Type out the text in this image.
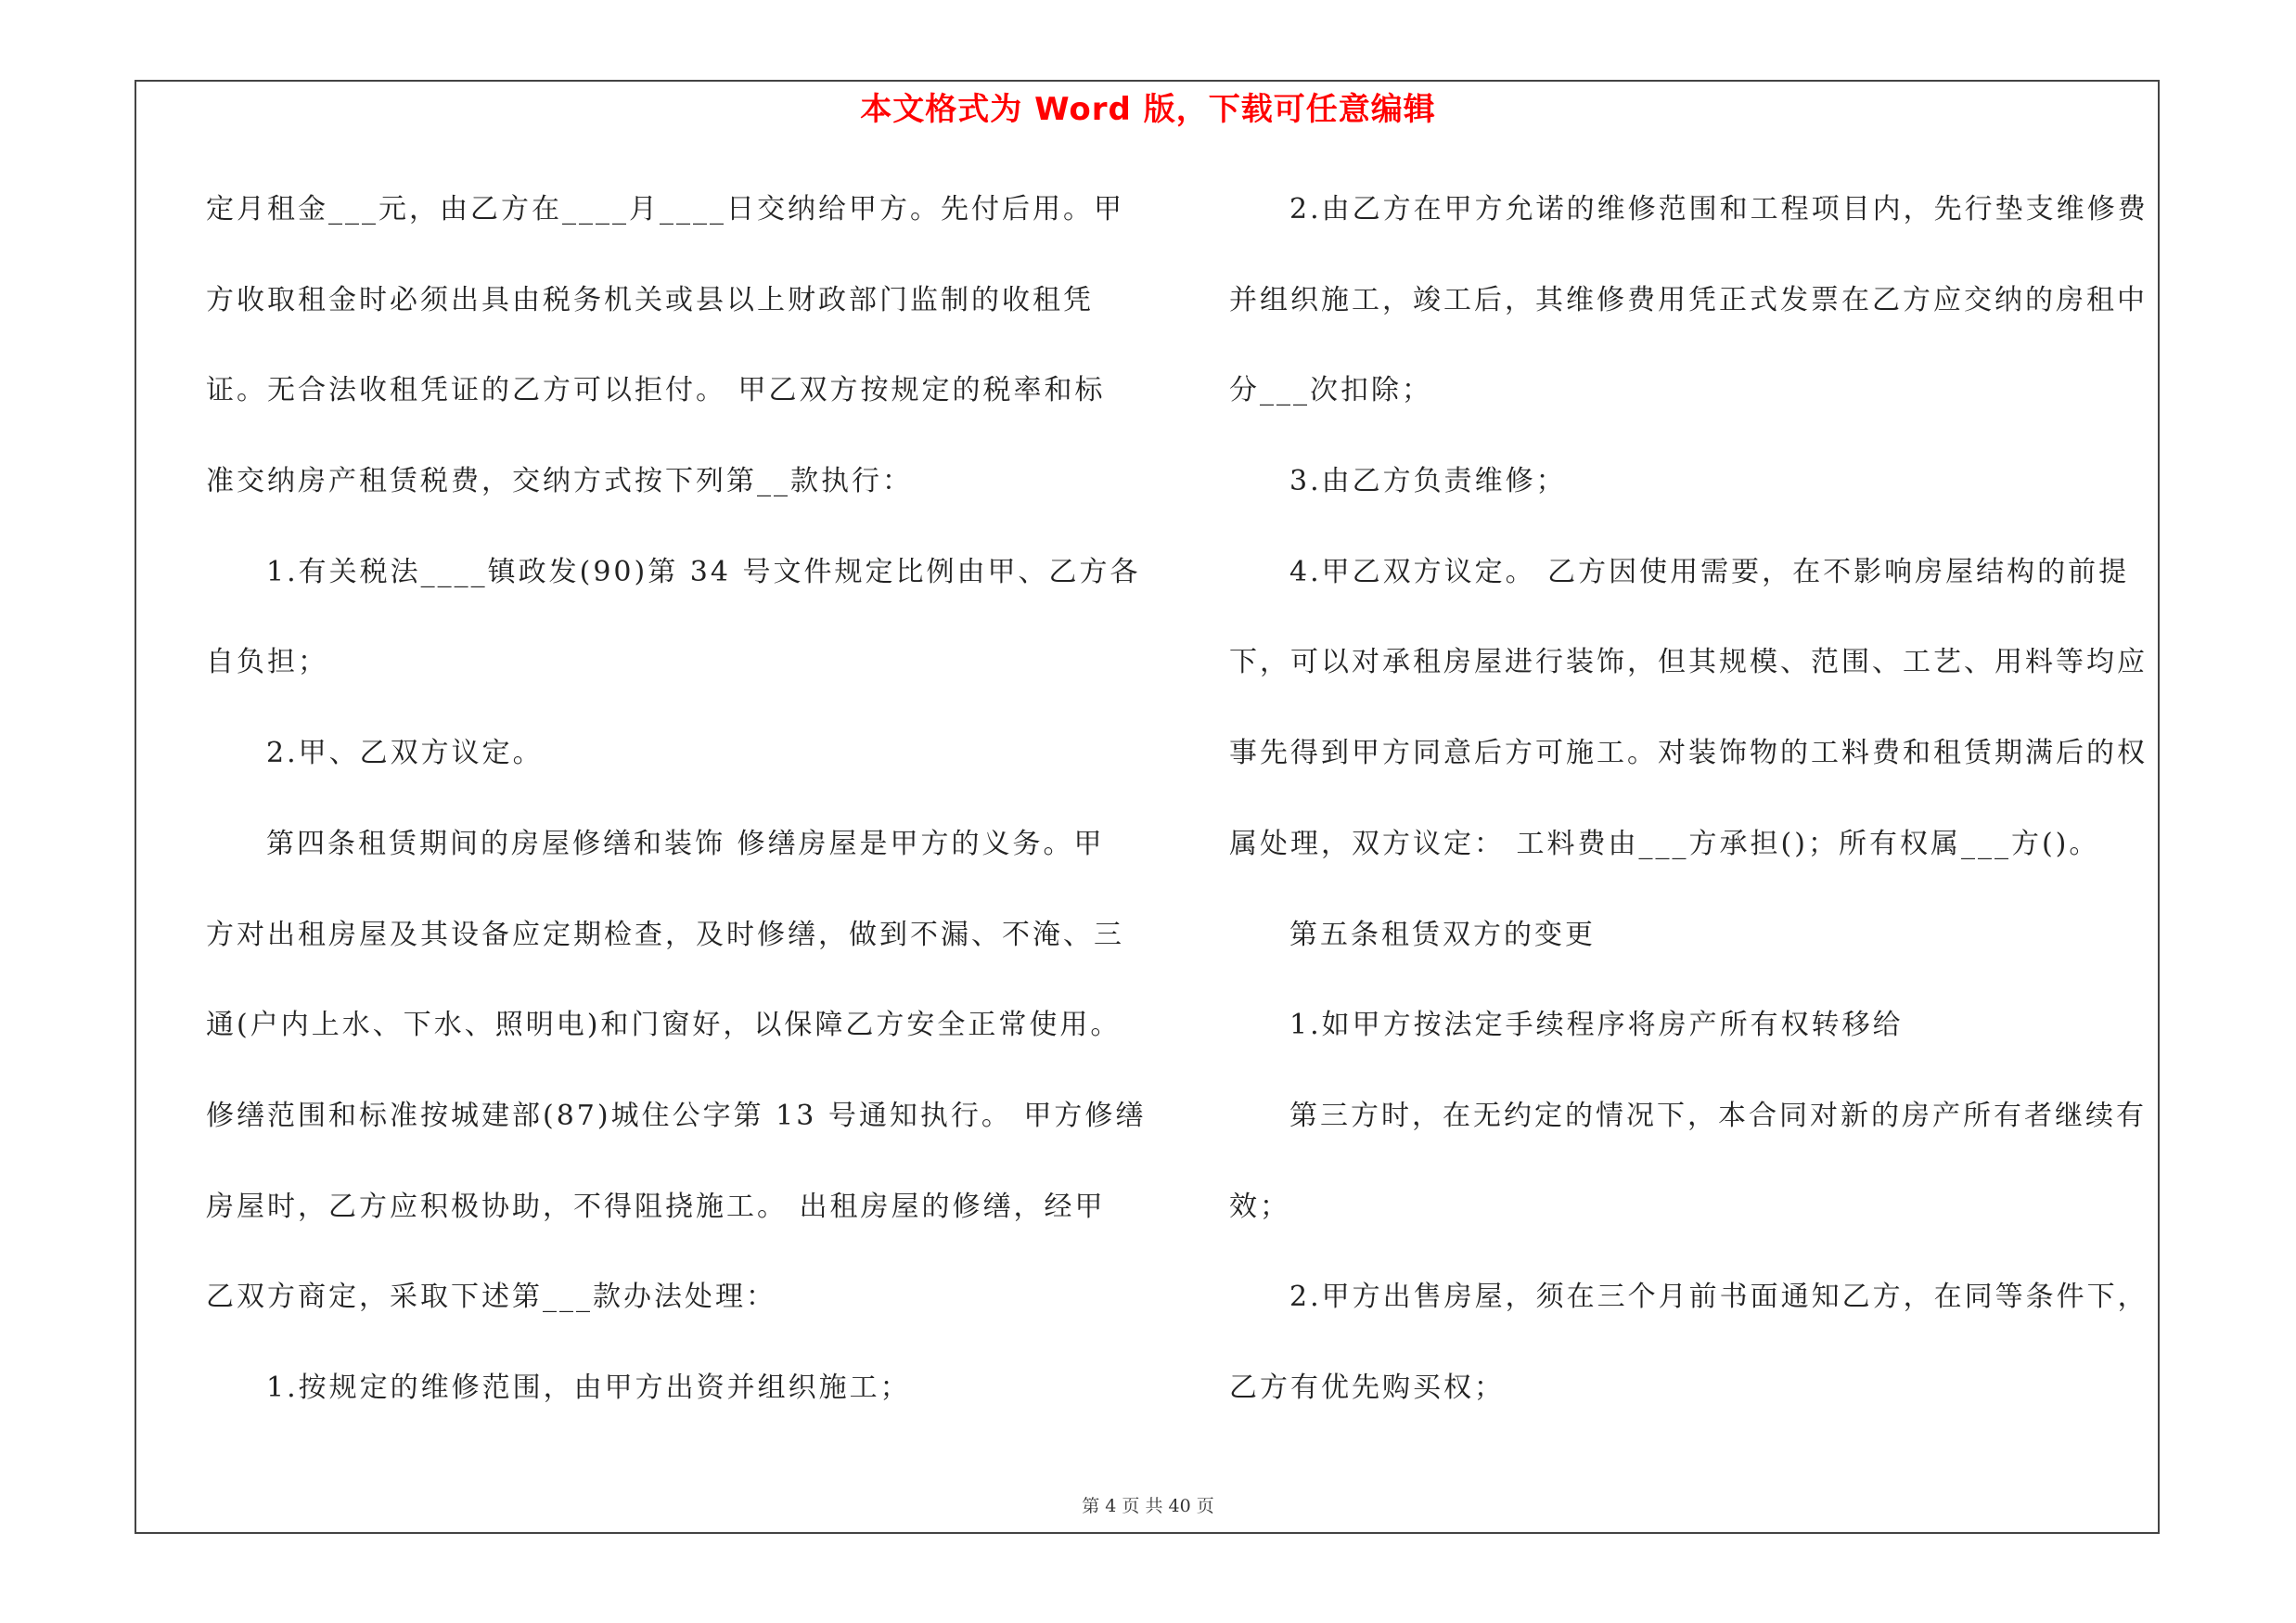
本文格式为 Word 版，下载可任意编辑
定月租金___元，由乙方在____月____日交纳给甲方。先付后用。甲
方收取租金时必须出具由税务机关或县以上财政部门监制的收租凭
证。无合法收租凭证的乙方可以拒付。 甲乙双方按规定的税率和标
准交纳房产租赁税费，交纳方式按下列第__款执行：
1.有关税法____镇政发(90)第 34 号文件规定比例由甲、乙方各
自负担；
2.甲、乙双方议定。
第四条租赁期间的房屋修缮和装饰 修缮房屋是甲方的义务。甲
方对出租房屋及其设备应定期检查，及时修缮，做到不漏、不淹、三
通(户内上水、下水、照明电)和门窗好，以保障乙方安全正常使用。
修缮范围和标准按城建部(87)城住公字第 13 号通知执行。 甲方修缮
房屋时，乙方应积极协助，不得阻挠施工。 出租房屋的修缮，经甲
乙双方商定，采取下述第___款办法处理：
1.按规定的维修范围，由甲方出资并组织施工；
2.由乙方在甲方允诺的维修范围和工程项目内，先行垫支维修费
并组织施工，竣工后，其维修费用凭正式发票在乙方应交纳的房租中
分___次扣除；
3.由乙方负责维修；
4.甲乙双方议定。 乙方因使用需要，在不影响房屋结构的前提
下，可以对承租房屋进行装饰，但其规模、范围、工艺、用料等均应
事先得到甲方同意后方可施工。对装饰物的工料费和租赁期满后的权
属处理，双方议定： 工料费由___方承担()；所有权属___方()。
第五条租赁双方的变更
1.如甲方按法定手续程序将房产所有权转移给
第三方时，在无约定的情况下，本合同对新的房产所有者继续有
效；
2.甲方出售房屋，须在三个月前书面通知乙方，在同等条件下，
乙方有优先购买权；
第 4 页 共 40 页
